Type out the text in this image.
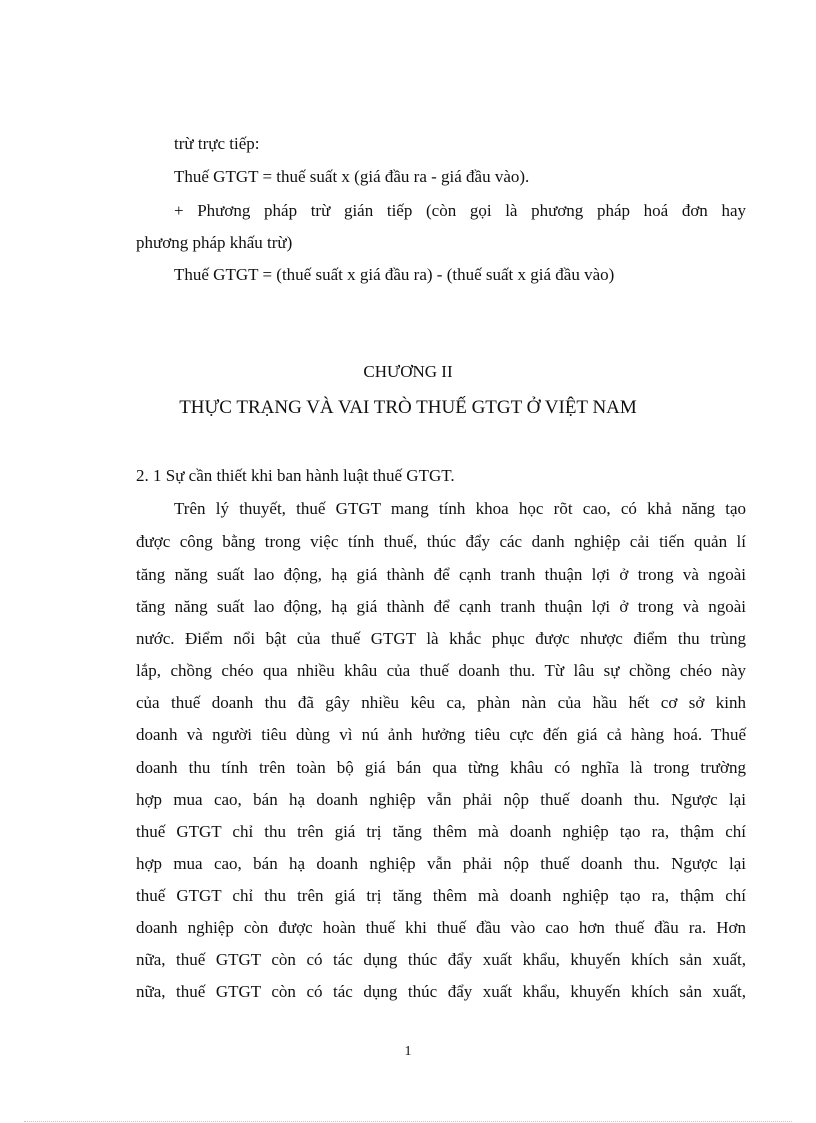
trừ trực tiếp:
Thuế GTGT = thuế suất x (giá đầu ra - giá đầu vào).
+ Phương pháp trừ gián tiếp (còn gọi là phương pháp hoá đơn hay
phương pháp khấu trừ)
Thuế GTGT = (thuế suất x giá đầu ra) - (thuế suất x giá đầu vào)
CHƯƠNG II
THỰC TRẠNG VÀ VAI TRÒ THUẾ GTGT Ở VIỆT NAM
2. 1 Sự cần thiết khi ban hành luật thuế GTGT.
Trên lý thuyết, thuế GTGT mang tính khoa học rõt cao, có khả năng tạo
được công bằng trong việc tính thuế, thúc đẩy các danh nghiệp cải tiến quản lí
tăng năng suất lao động, hạ giá thành để cạnh tranh thuận lợi ở trong và ngoài
tăng năng suất lao động, hạ giá thành để cạnh tranh thuận lợi ở trong và ngoài
nước. Điểm nổi bật của thuế GTGT là khắc phục được nhược điểm thu trùng
lắp, chồng chéo qua nhiều khâu của thuế doanh thu. Từ lâu sự chồng chéo này
của thuế doanh thu đã gây nhiều kêu ca, phàn nàn của hầu hết cơ sở kinh
doanh và người tiêu dùng vì nú ảnh hưởng tiêu cực đến giá cả hàng hoá. Thuế
doanh thu tính trên toàn bộ giá bán qua từng khâu có nghĩa là trong trường
hợp mua cao, bán hạ doanh nghiệp vẫn phải nộp thuế doanh thu. Ngược lại
thuế GTGT chỉ thu trên giá trị tăng thêm mà doanh nghiệp tạo ra, thậm chí
hợp mua cao, bán hạ doanh nghiệp vẫn phải nộp thuế doanh thu. Ngược lại
thuế GTGT chỉ thu trên giá trị tăng thêm mà doanh nghiệp tạo ra, thậm chí
doanh nghiệp còn được hoàn thuế khi thuế đầu vào cao hơn thuế đầu ra. Hơn
nữa, thuế GTGT còn có tác dụng thúc đẩy xuất khẩu, khuyến khích sản xuất,
nữa, thuế GTGT còn có tác dụng thúc đẩy xuất khẩu, khuyến khích sản xuất,
1
